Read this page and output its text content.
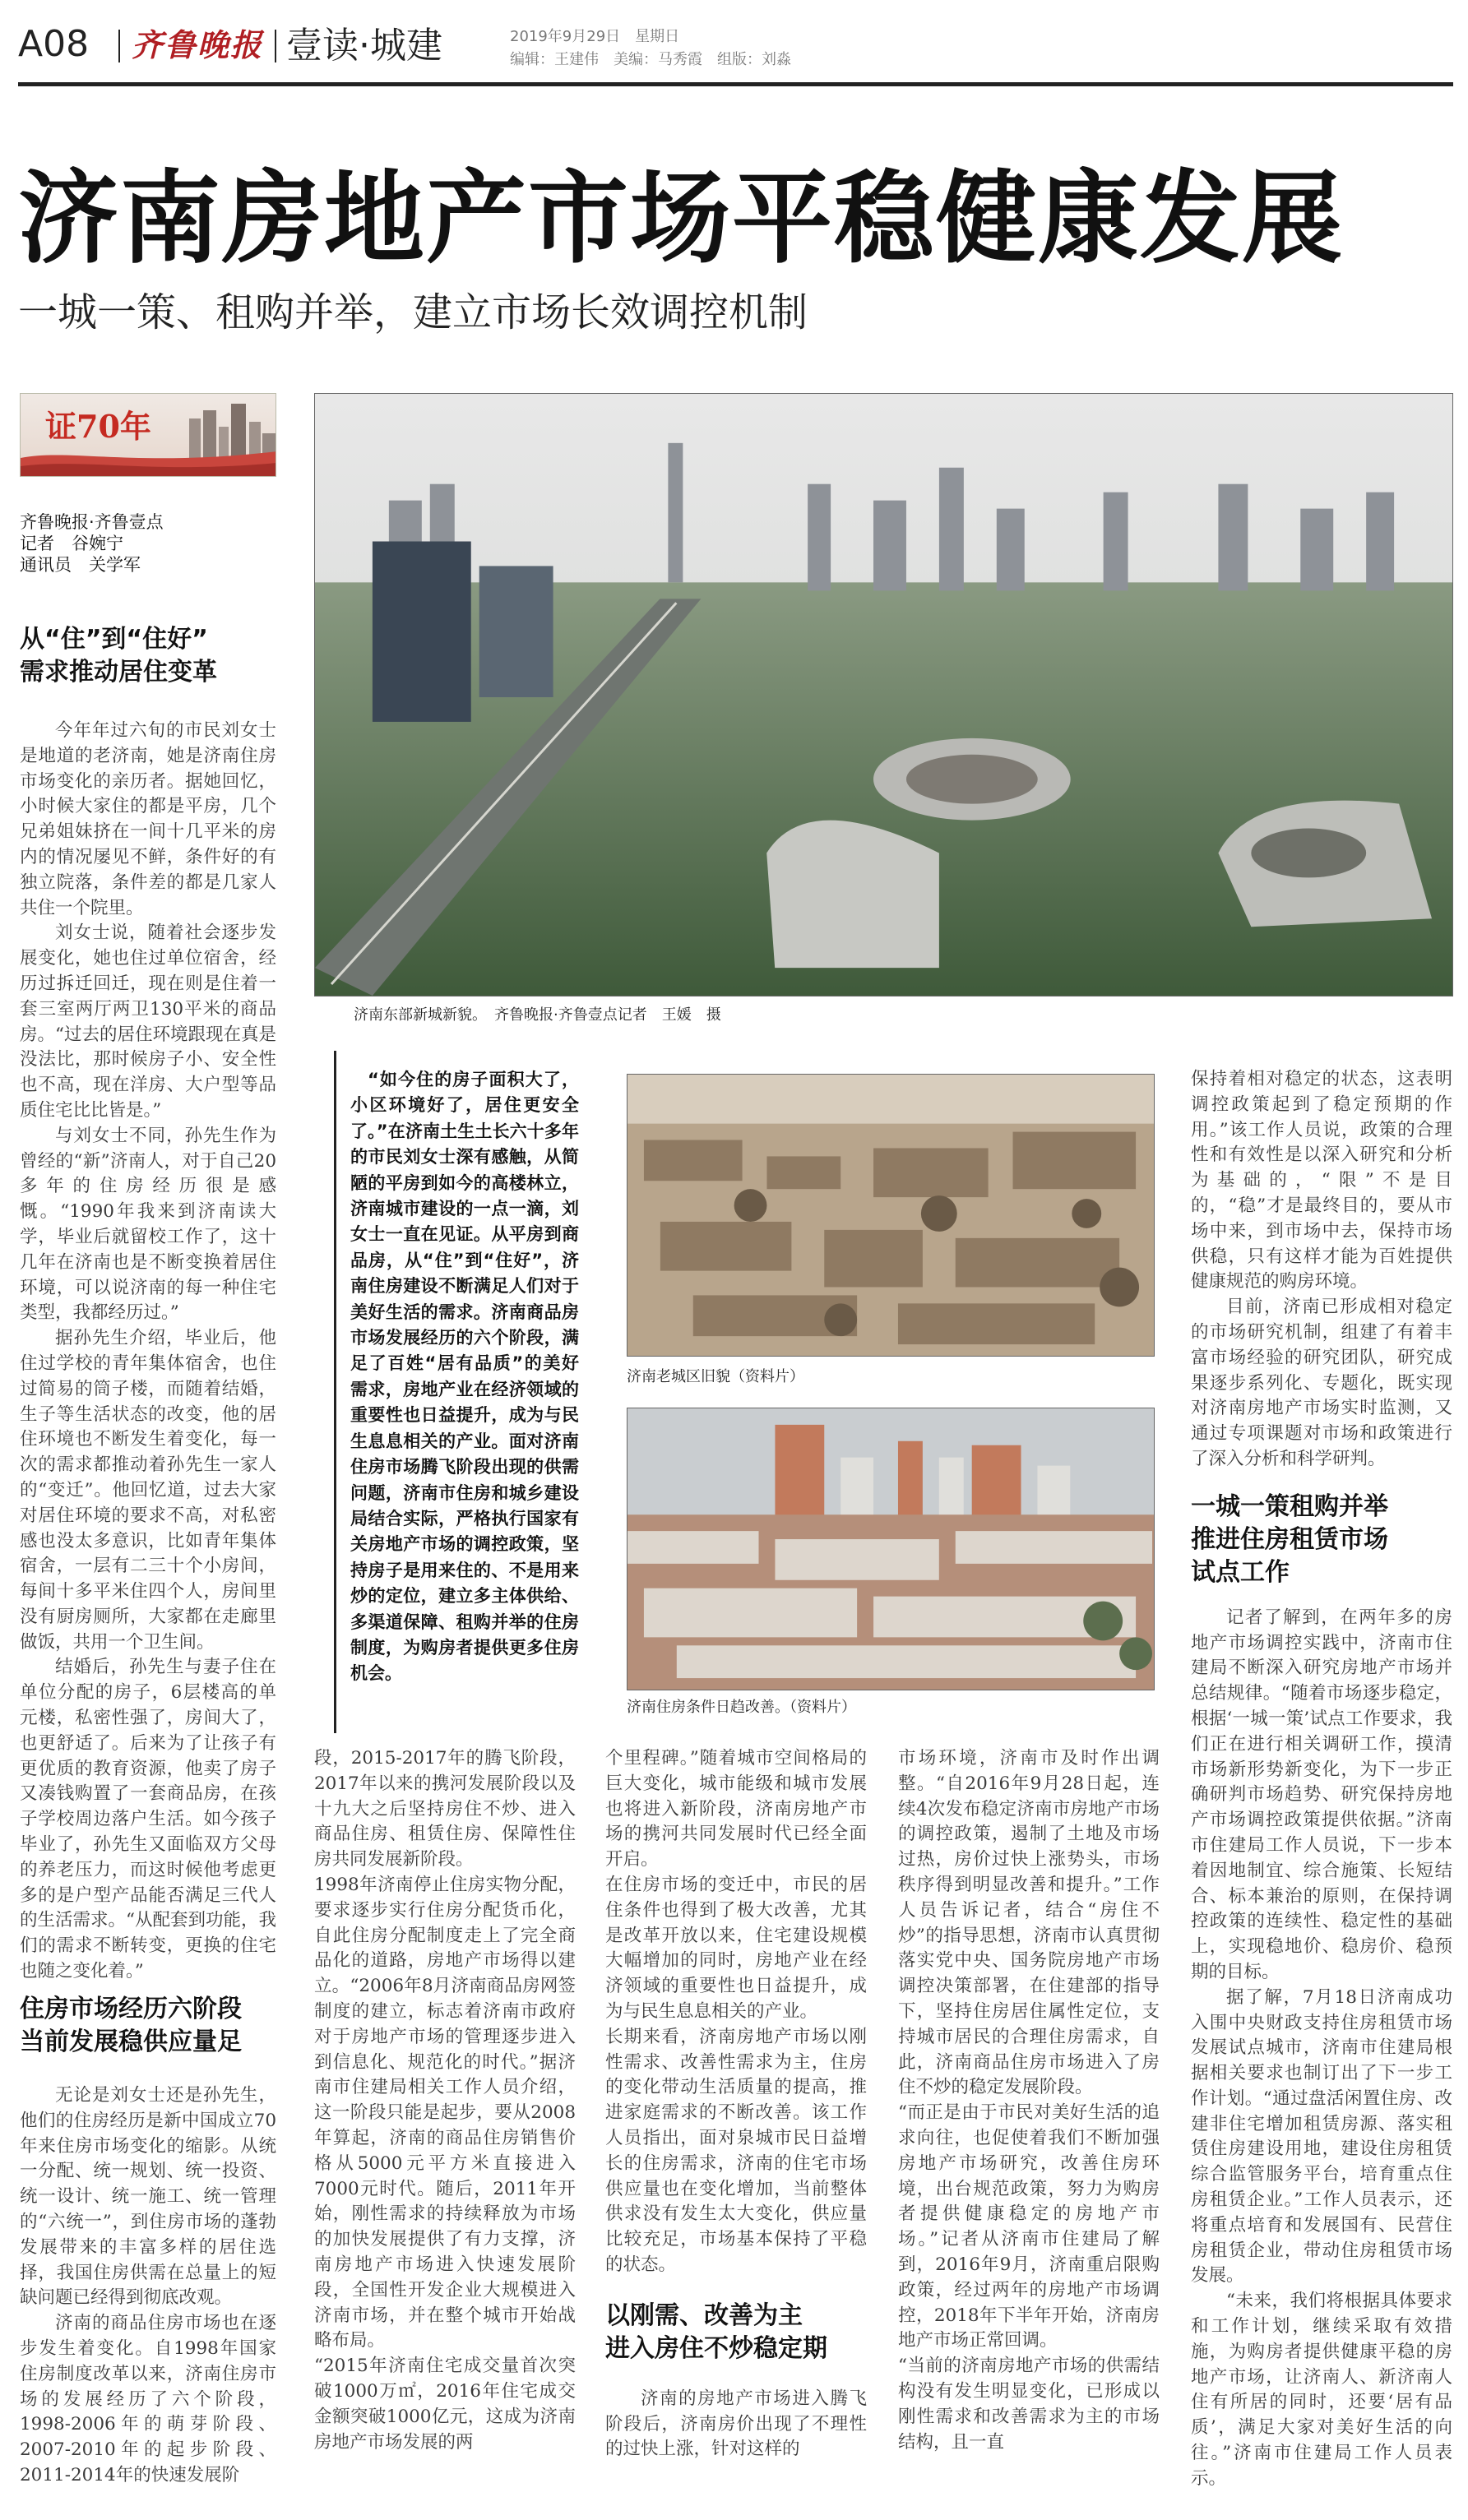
A08 齐鲁晚报 壹读·城建	2019年9月29日　星期日
编辑：王建伟　美编：马秀霞　组版：刘淼
济南房地产市场平稳健康发展
一城一策、租购并举，建立市场长效调控机制
证70年
齐鲁晚报·齐鲁壹点
记者　谷婉宁
通讯员　关学军
济南东部新城新貌。　齐鲁晚报·齐鲁壹点记者　王媛　摄
从“住”到“住好”
需求推动居住变革

今年年过六旬的市民刘女士是地道的老济南，她是济南住房市场变化的亲历者。据她回忆，小时候大家住的都是平房，几个兄弟姐妹挤在一间十几平米的房内的情况屡见不鲜，条件好的有独立院落，条件差的都是几家人共住一个院里。

刘女士说，随着社会逐步发展变化，她也住过单位宿舍，经历过拆迁回迁，现在则是住着一套三室两厅两卫130平米的商品房。“过去的居住环境跟现在真是没法比，那时候房子小、安全性也不高，现在洋房、大户型等品质住宅比比皆是。”

与刘女士不同，孙先生作为曾经的“新”济南人，对于自己20多年的住房经历很是感慨。“1990年我来到济南读大学，毕业后就留校工作了，这十几年在济南也是不断变换着居住环境，可以说济南的每一种住宅类型，我都经历过。”

据孙先生介绍，毕业后，他住过学校的青年集体宿舍，也住过简易的筒子楼，而随着结婚，生子等生活状态的改变，他的居住环境也不断发生着变化，每一次的需求都推动着孙先生一家人的“变迁”。他回忆道，过去大家对居住环境的要求不高，对私密感也没太多意识，比如青年集体宿舍，一层有二三十个小房间，每间十多平米住四个人，房间里没有厨房厕所，大家都在走廊里做饭，共用一个卫生间。

结婚后，孙先生与妻子住在单位分配的房子，6层楼高的单元楼，私密性强了，房间大了，也更舒适了。后来为了让孩子有更优质的教育资源，他卖了房子又凑钱购置了一套商品房，在孩子学校周边落户生活。如今孩子毕业了，孙先生又面临双方父母的养老压力，而这时候他考虑更多的是户型产品能否满足三代人的生活需求。“从配套到功能，我们的需求不断转变，更换的住宅也随之变化着。”

住房市场经历六阶段
当前发展稳供应量足

无论是刘女士还是孙先生，他们的住房经历是新中国成立70年来住房市场变化的缩影。从统一分配、统一规划、统一投资、统一设计、统一施工、统一管理的“六统一”，到住房市场的蓬勃发展带来的丰富多样的居住选择，我国住房供需在总量上的短缺问题已经得到彻底改观。

济南的商品住房市场也在逐步发生着变化。自1998年国家住房制度改革以来，济南住房市场的发展经历了六个阶段，1998-2006年的萌芽阶段、2007-2010年的起步阶段、2011-2014年的快速发展阶

“如今住的房子面积大了，小区环境好了，居住更安全了。”在济南土生土长六十多年的市民刘女士深有感触，从简陋的平房到如今的高楼林立，济南城市建设的一点一滴，刘女士一直在见证。从平房到商品房，从“住”到“住好”，济南住房建设不断满足人们对于美好生活的需求。济南商品房市场发展经历的六个阶段，满足了百姓“居有品质”的美好需求，房地产业在经济领域的重要性也日益提升，成为与民生息息相关的产业。面对济南住房市场腾飞阶段出现的供需问题，济南市住房和城乡建设局结合实际，严格执行国家有关房地产市场的调控政策，坚持房子是用来住的、不是用来炒的定位，建立多主体供给、多渠道保障、租购并举的住房制度，为购房者提供更多住房机会。
济南老城区旧貌（资料片）
济南住房条件日趋改善。（资料片）

保持着相对稳定的状态，这表明调控政策起到了稳定预期的作用。”该工作人员说，政策的合理性和有效性是以深入研究和分析为基础的，“限”不是目的，“稳”才是最终目的，要从市场中来，到市场中去，保持市场供稳，只有这样才能为百姓提供健康规范的购房环境。

目前，济南已形成相对稳定的市场研究机制，组建了有着丰富市场经验的研究团队，研究成果逐步系列化、专题化，既实现对济南房地产市场实时监测，又通过专项课题对市场和政策进行了深入分析和科学研判。

一城一策租购并举
推进住房租赁市场
试点工作

记者了解到，在两年多的房地产市场调控实践中，济南市住建局不断深入研究房地产市场并总结规律。“随着市场逐步稳定，根据‘一城一策’试点工作要求，我们正在进行相关调研工作，摸清市场新形势新变化，为下一步正确研判市场趋势、研究保持房地产市场调控政策提供依据。”济南市住建局工作人员说，下一步本着因地制宜、综合施策、长短结合、标本兼治的原则，在保持调控政策的连续性、稳定性的基础上，实现稳地价、稳房价、稳预期的目标。

据了解，7月18日济南成功入围中央财政支持住房租赁市场发展试点城市，济南市住建局根据相关要求也制订出了下一步工作计划。“通过盘活闲置住房、改建非住宅增加租赁房源、落实租赁住房建设用地，建设住房租赁综合监管服务平台，培育重点住房租赁企业。”工作人员表示，还将重点培育和发展国有、民营住房租赁企业，带动住房租赁市场发展。

“未来，我们将根据具体要求和工作计划，继续采取有效措施，为购房者提供健康平稳的房地产市场，让济南人、新济南人住有所居的同时，还要‘居有品质’，满足大家对美好生活的向往。”济南市住建局工作人员表示。

段，2015-2017年的腾飞阶段，2017年以来的携河发展阶段以及十九大之后坚持房住不炒、进入商品住房、租赁住房、保障性住房共同发展新阶段。
1998年济南停止住房实物分配，要求逐步实行住房分配货币化，自此住房分配制度走上了完全商品化的道路，房地产市场得以建立。“2006年8月济南商品房网签制度的建立，标志着济南市政府对于房地产市场的管理逐步进入到信息化、规范化的时代。”据济南市住建局相关工作人员介绍，这一阶段只能是起步，要从2008年算起，济南的商品住房销售价格从5000元平方米直接进入7000元时代。随后，2011年开始，刚性需求的持续释放为市场的加快发展提供了有力支撑，济南房地产市场进入快速发展阶段，全国性开发企业大规模进入济南市场，并在整个城市开始战略布局。
“2015年济南住宅成交量首次突破1000万㎡，2016年住宅成交金额突破1000亿元，这成为济南房地产市场发展的两
个里程碑。”随着城市空间格局的巨大变化，城市能级和城市发展也将进入新阶段，济南房地产市场的携河共同发展时代已经全面开启。
在住房市场的变迁中，市民的居住条件也得到了极大改善，尤其是改革开放以来，住宅建设规模大幅增加的同时，房地产业在经济领域的重要性也日益提升，成为与民生息息相关的产业。
长期来看，济南房地产市场以刚性需求、改善性需求为主，住房的变化带动生活质量的提高，推进家庭需求的不断改善。该工作人员指出，面对泉城市民日益增长的住房需求，济南的住宅市场供应量也在变化增加，当前整体供求没有发生太大变化，供应量比较充足，市场基本保持了平稳的状态。
以刚需、改善为主
进入房住不炒稳定期

济南的房地产市场进入腾飞阶段后，济南房价出现了不理性的过快上涨，针对这样的

市场环境，济南市及时作出调整。“自2016年9月28日起，连续4次发布稳定济南市房地产市场的调控政策，遏制了土地及市场过热，房价过快上涨势头，市场秩序得到明显改善和提升。”工作人员告诉记者，结合“房住不炒”的指导思想，济南市认真贯彻落实党中央、国务院房地产市场调控决策部署，在住建部的指导下，坚持住房居住属性定位，支持城市居民的合理住房需求，自此，济南商品住房市场进入了房住不炒的稳定发展阶段。
“而正是由于市民对美好生活的追求向往，也促使着我们不断加强房地产市场研究，改善住房环境，出台规范政策，努力为购房者提供健康稳定的房地产市场。”记者从济南市住建局了解到，2016年9月，济南重启限购政策，经过两年的房地产市场调控，2018年下半年开始，济南房地产市场正常回调。
“当前的济南房地产市场的供需结构没有发生明显变化，已形成以刚性需求和改善需求为主的市场结构，且一直
